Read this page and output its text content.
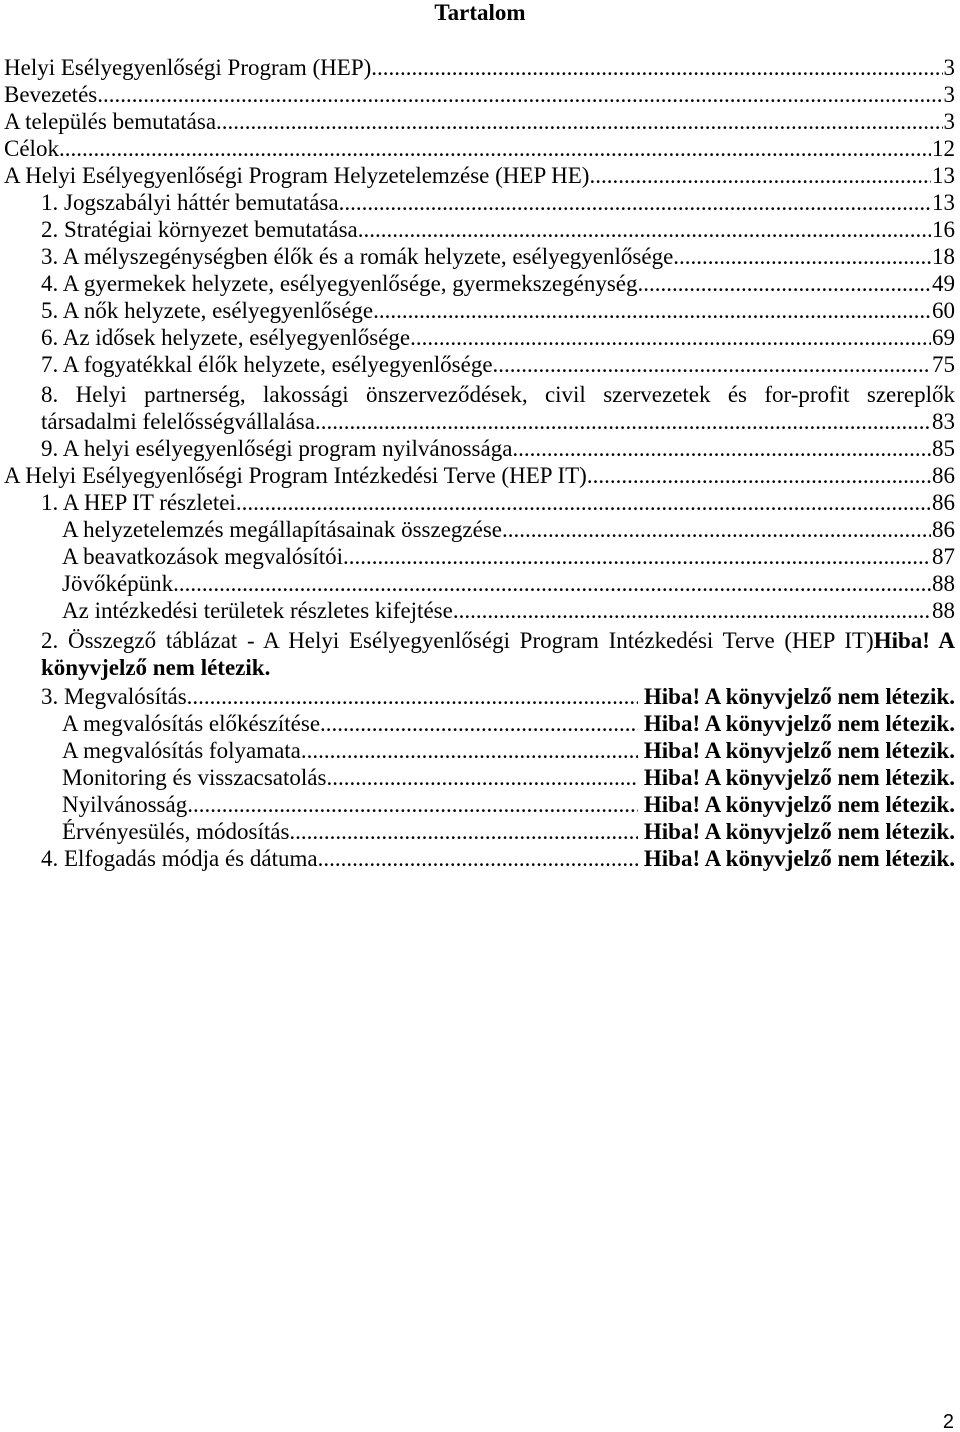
Tartalom
Helyi Esélyegyenlőségi Program (HEP) .....	3
Bevezetés .....	3
A település bemutatása .....	3
Célok .....	12
A Helyi Esélyegyenlőségi Program Helyzetelemzése (HEP HE) .....	13
1. Jogszabályi háttér bemutatása .....	13
2. Stratégiai környezet bemutatása .....	16
3. A mélyszegénységben élők és a romák helyzete, esélyegyenlősége .....	18
4. A gyermekek helyzete, esélyegyenlősége, gyermekszegénység .....	49
5. A nők helyzete, esélyegyenlősége .....	60
6. Az idősek helyzete, esélyegyenlősége .....	69
7. A fogyatékkal élők helyzete, esélyegyenlősége .....	75
8. Helyi partnerség, lakossági önszerveződések, civil szervezetek és for-profit szereplők
társadalmi felelősségvállalása .....	83
9. A helyi esélyegyenlőségi program nyilvánossága .....	85
A Helyi Esélyegyenlőségi Program Intézkedési Terve (HEP IT) .....	86
1. A HEP IT részletei .....	86
A helyzetelemzés megállapításainak összegzése .....	86
A beavatkozások megvalósítói .....	87
Jövőképünk .....	88
Az intézkedési területek részletes kifejtése .....	88
2. Összegző táblázat - A Helyi Esélyegyenlőségi Program Intézkedési Terve (HEP IT)Hiba! A
könyvjelző nem létezik.
3. Megvalósítás .....	Hiba! A könyvjelző nem létezik.
A megvalósítás előkészítése .....	Hiba! A könyvjelző nem létezik.
A megvalósítás folyamata .....	Hiba! A könyvjelző nem létezik.
Monitoring és visszacsatolás .....	Hiba! A könyvjelző nem létezik.
Nyilvánosság .....	Hiba! A könyvjelző nem létezik.
Érvényesülés, módosítás .....	Hiba! A könyvjelző nem létezik.
4. Elfogadás módja és dátuma .....	Hiba! A könyvjelző nem létezik.
2
